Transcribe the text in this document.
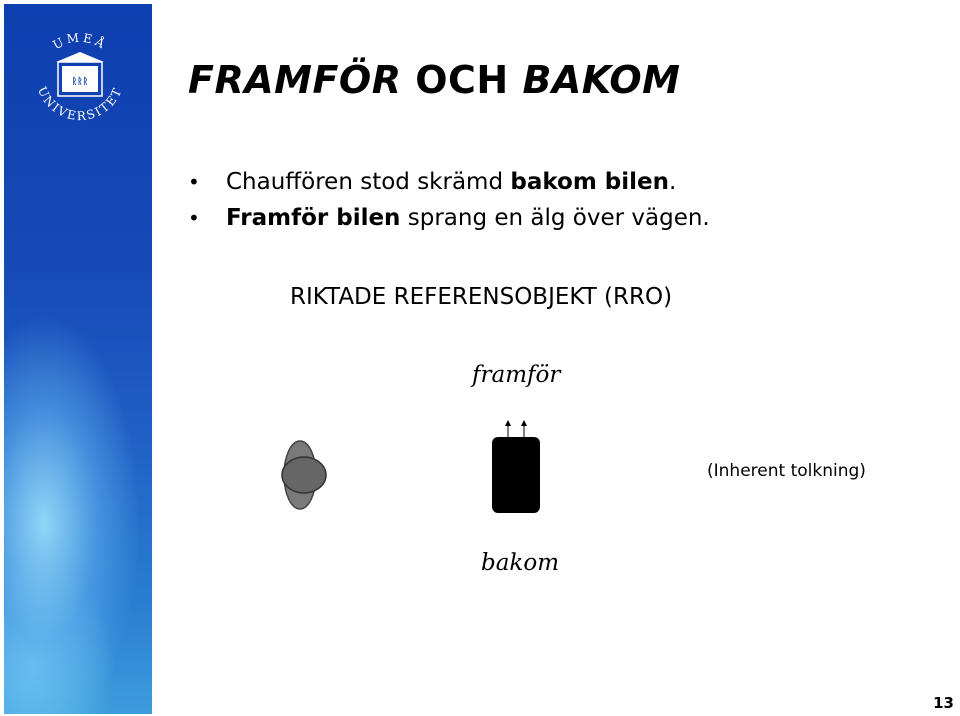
UMEÅ
UNIVERSITET
ᚱᚱᚱ	FRAMFÖR OCH BAKOM
• Chauffören stod skrämd bakom bilen.
• Framför bilen sprang en älg över vägen.
RIKTADE REFERENSOBJEKT (RRO)
framför
(Inherent tolkning)
bakom
13
